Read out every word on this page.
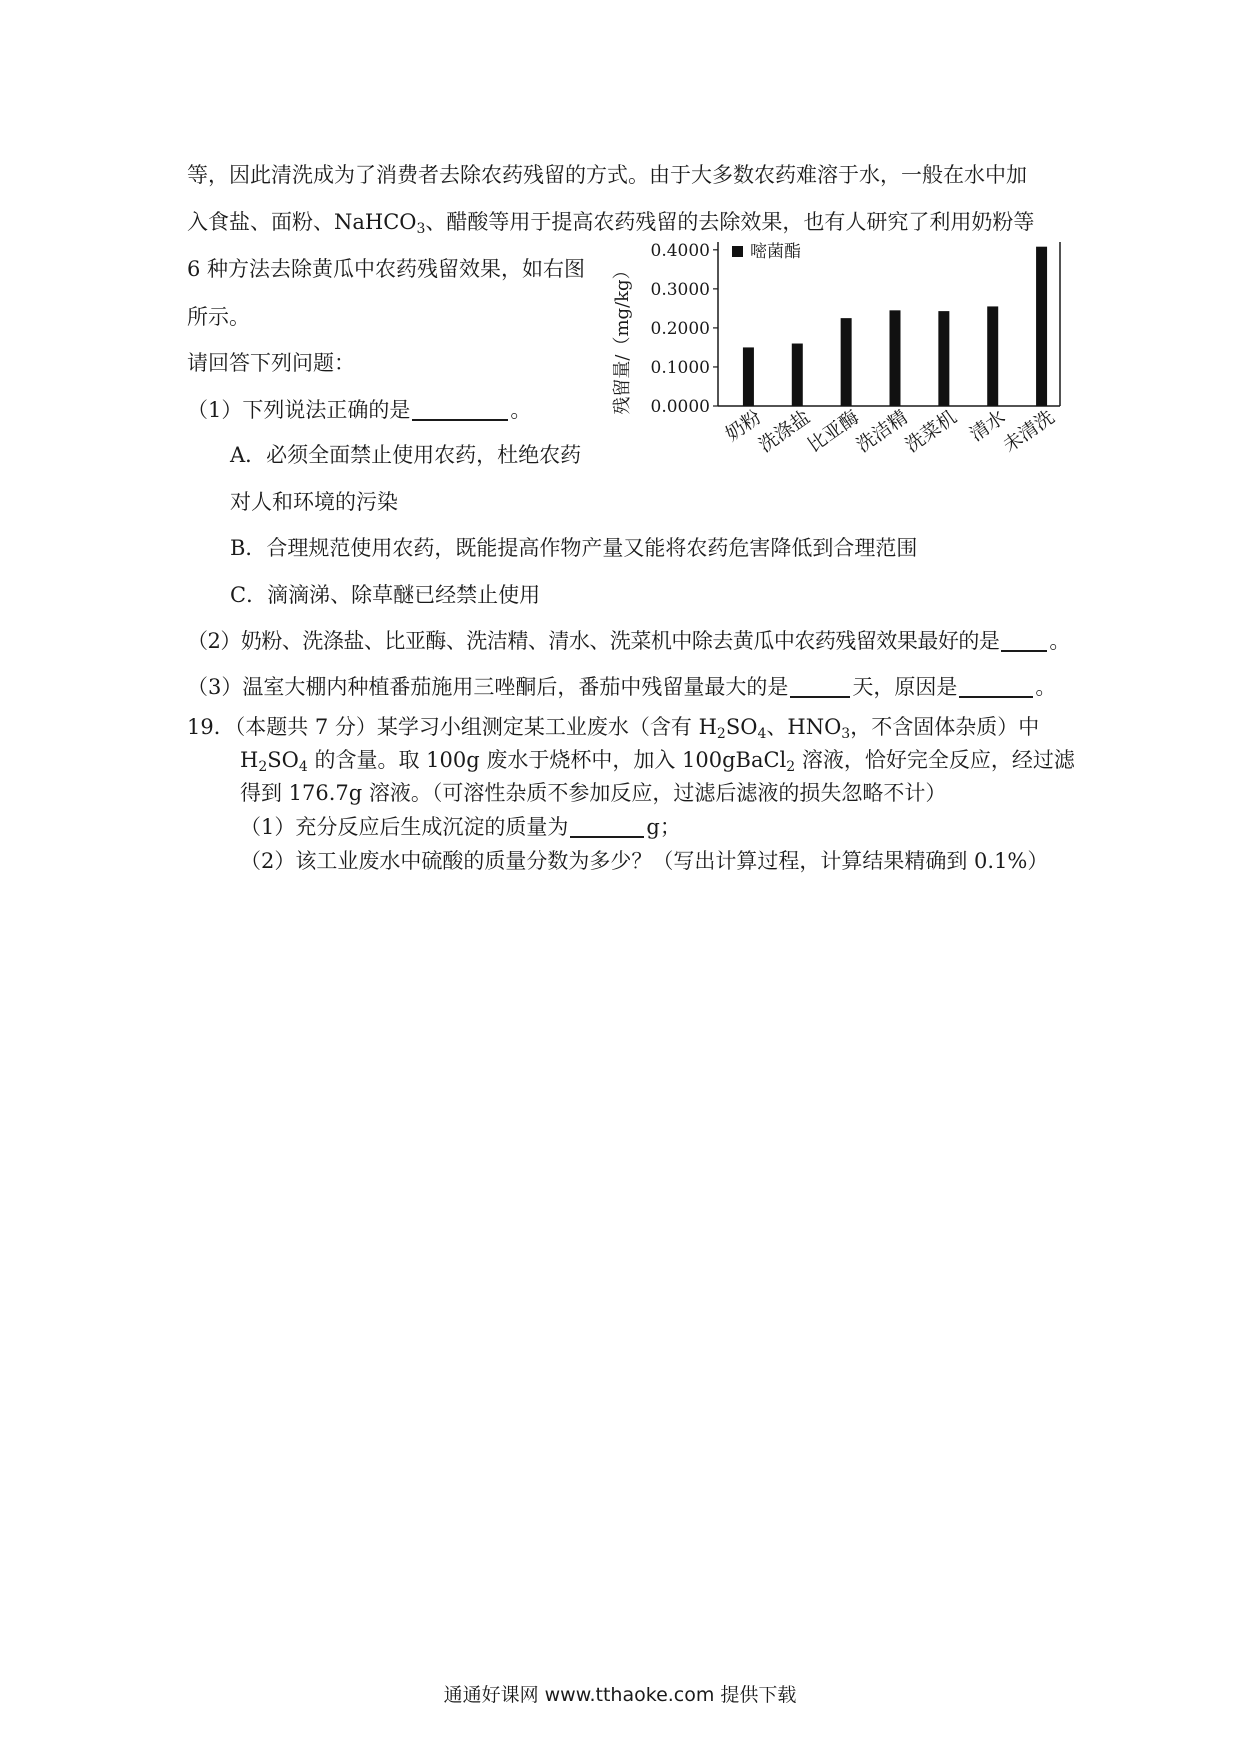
等，因此清洗成为了消费者去除农药残留的方式。由于大多数农药难溶于水，一般在水中加
入食盐、面粉、NaHCO$_3$、醋酸等用于提高农药残留的去除效果，也有人研究了利用奶粉等
6 种方法去除黄瓜中农药残留效果，如右图
所示。
请回答下列问题：
（1）下列说法正确的是	。
A．必须全面禁止使用农药，杜绝农药
对人和环境的污染
B．合理规范使用农药，既能提高作物产量又能将农药危害降低到合理范围
C．滴滴涕、除草醚已经禁止使用
（2）奶粉、洗涤盐、比亚酶、洗洁精、清水、洗菜机中除去黄瓜中农药残留效果最好的是 。
（3）温室大棚内种植番茄施用三唑酮后，番茄中残留量最大的是	天，原因是	。
19．（本题共 7 分）某学习小组测定某工业废水（含有 $H_2SO_4$、$HNO_3$，不含固体杂质）中
$H_2SO_4$ 的含量。取 100g 废水于烧杯中，加入 100gBaCl$_2$ 溶液，恰好完全反应，经过滤
得到 176.7g 溶液。（可溶性杂质不参加反应，过滤后滤液的损失忽略不计）
（1）充分反应后生成沉淀的质量为	g；
（2）该工业废水中硫酸的质量分数为多少？（写出计算过程，计算结果精确到 0.1%）
0.0000
0.1000
0.2000
0.3000
0.4000
奶粉
洗涤盐
比亚酶
洗洁精
洗菜机 清水
未清洗
嘧菌酯
残留量/（mg/kg）
通通好课网 www.tthaoke.com 提供下载
